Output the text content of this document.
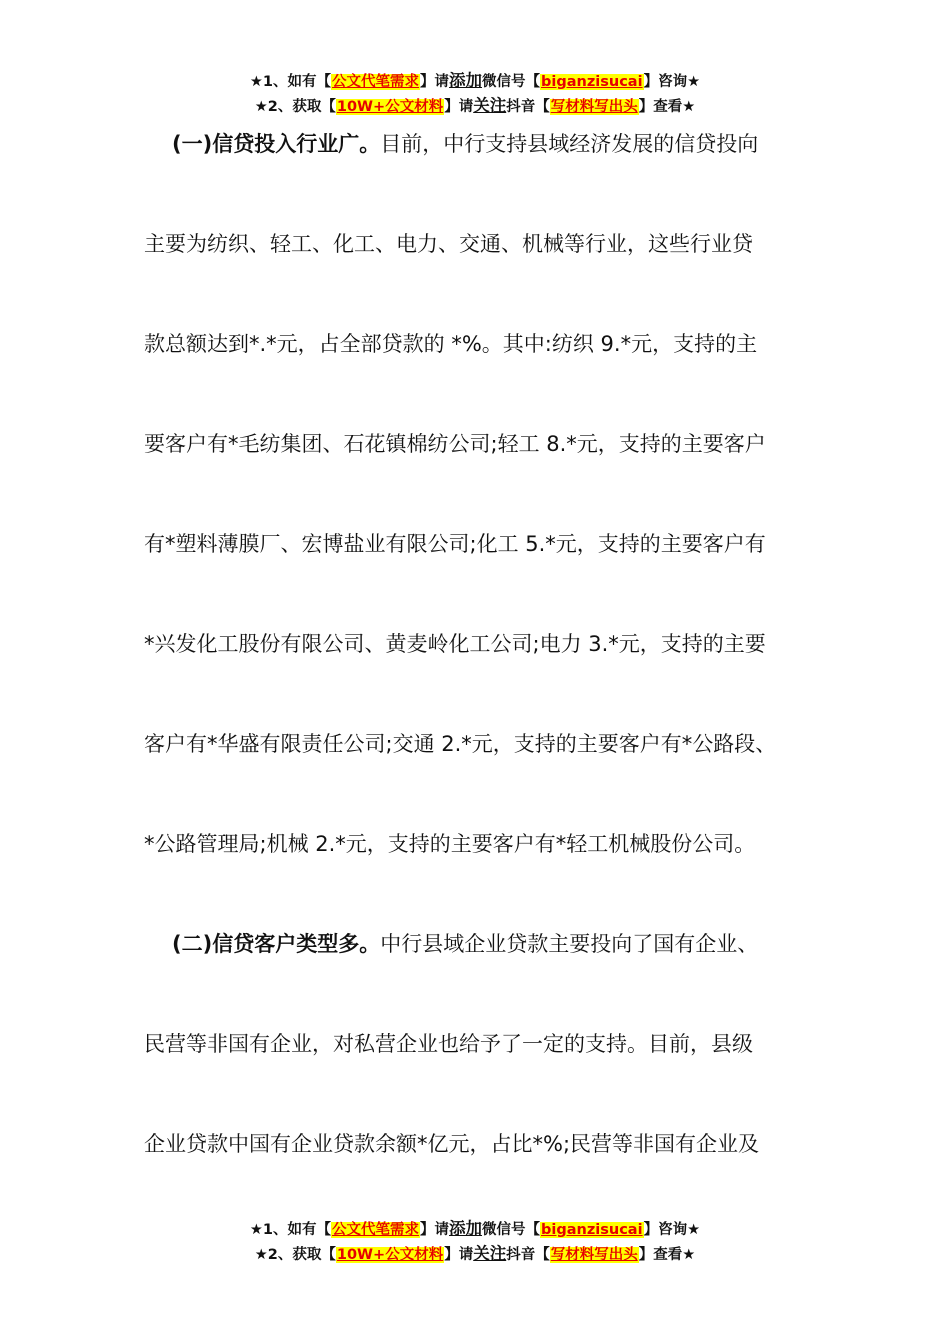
★1、如有【公文代笔需求】请添加微信号【biganzisucai】咨询★
★2、获取【10W+公文材料】请关注抖音【写材料写出头】查看★
(一)信贷投入行业广。目前，中行支持县域经济发展的信贷投向
主要为纺织、轻工、化工、电力、交通、机械等行业，这些行业贷
款总额达到*.*元，占全部贷款的 *%。其中:纺织 9.*元，支持的主
要客户有*毛纺集团、石花镇棉纺公司;轻工 8.*元，支持的主要客户
有*塑料薄膜厂、宏博盐业有限公司;化工 5.*元，支持的主要客户有
*兴发化工股份有限公司、黄麦岭化工公司;电力 3.*元，支持的主要
客户有*华盛有限责任公司;交通 2.*元，支持的主要客户有*公路段、
*公路管理局;机械 2.*元，支持的主要客户有*轻工机械股份公司。
(二)信贷客户类型多。中行县域企业贷款主要投向了国有企业、
民营等非国有企业，对私营企业也给予了一定的支持。目前，县级
企业贷款中国有企业贷款余额*亿元，占比*%;民营等非国有企业及
★1、如有【公文代笔需求】请添加微信号【biganzisucai】咨询★
★2、获取【10W+公文材料】请关注抖音【写材料写出头】查看★
